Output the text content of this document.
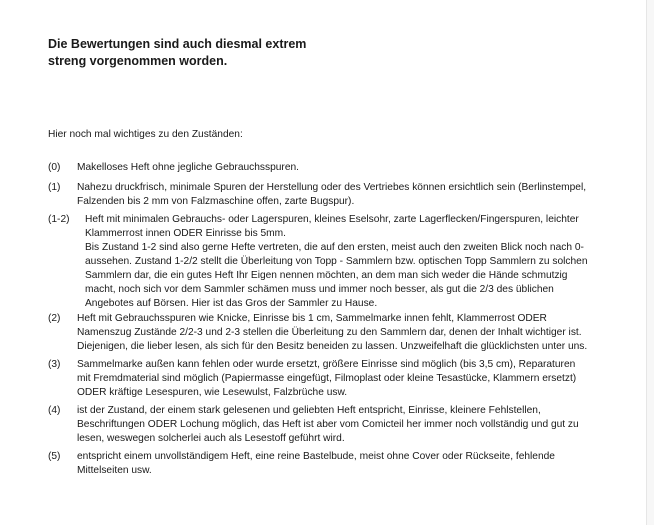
Die Bewertungen sind auch diesmal extrem
streng vorgenommen worden.
Hier noch mal wichtiges zu den Zuständen:
(0) Makelloses Heft ohne jegliche Gebrauchsspuren.
(1) Nahezu druckfrisch, minimale Spuren der Herstellung oder des Vertriebes können ersichtlich sein (Berlinstempel,
Falzenden bis 2 mm von Falzmaschine offen, zarte Bugspur).
(1-2) Heft mit minimalen Gebrauchs- oder Lagerspuren, kleines Eselsohr, zarte Lagerflecken/Fingerspuren, leichter
Klammerrost innen ODER Einrisse bis 5mm.
Bis Zustand 1-2 sind also gerne Hefte vertreten, die auf den ersten, meist auch den zweiten Blick noch nach 0-
aussehen. Zustand 1-2/2 stellt die Überleitung von Topp - Sammlern bzw. optischen Topp Sammlern zu solchen
Sammlern dar, die ein gutes Heft Ihr Eigen nennen möchten, an dem man sich weder die Hände schmutzig
macht, noch sich vor dem Sammler schämen muss und immer noch besser, als gut die 2/3 des üblichen
Angebotes auf Börsen. Hier ist das Gros der Sammler zu Hause.
(2) Heft mit Gebrauchsspuren wie Knicke, Einrisse bis 1 cm, Sammelmarke innen fehlt, Klammerrost ODER
Namenszug Zustände 2/2-3 und 2-3 stellen die Überleitung zu den Sammlern dar, denen der Inhalt wichtiger ist.
Diejenigen, die lieber lesen, als sich für den Besitz beneiden zu lassen. Unzweifelhaft die glücklichsten unter uns.
(3) Sammelmarke außen kann fehlen oder wurde ersetzt, größere Einrisse sind möglich (bis 3,5 cm), Reparaturen
mit Fremdmaterial sind möglich (Papiermasse eingefügt, Filmoplast oder kleine Tesastücke, Klammern ersetzt)
ODER kräftige Lesespuren, wie Lesewulst, Falzbrüche usw.
(4) ist der Zustand, der einem stark gelesenen und geliebten Heft entspricht, Einrisse, kleinere Fehlstellen,
Beschriftungen ODER Lochung möglich, das Heft ist aber vom Comicteil her immer noch vollständig und gut zu
lesen, weswegen solcherlei auch als Lesestoff geführt wird.
(5) entspricht einem unvollständigem Heft, eine reine Bastelbude, meist ohne Cover oder Rückseite, fehlende
Mittelseiten usw.
